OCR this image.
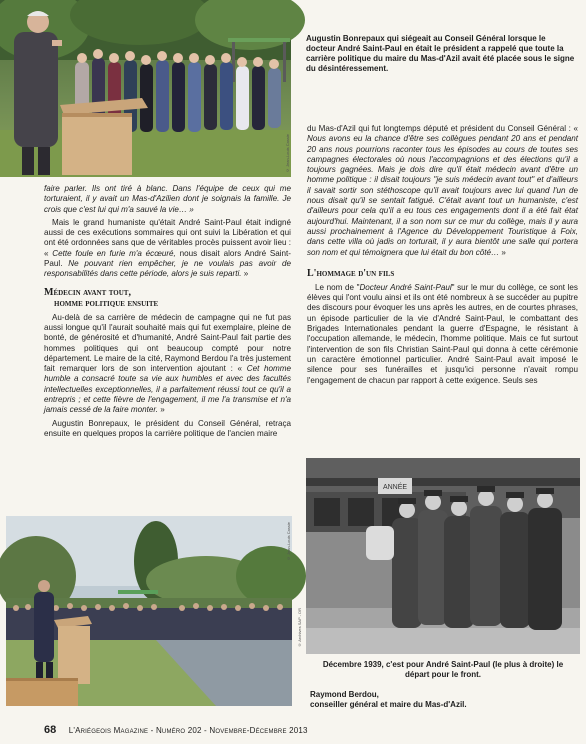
© Jean-Louis Cassie
Augustin Bonrepaux qui siégeait au Conseil Général lorsque le docteur André Saint-Paul en était le président a rappelé que toute la carrière politique du maire du Mas-d'Azil avait été placée sous le signe du désintéressement.

faire parler. Ils ont tiré à blanc. Dans l'équipe de ceux qui me torturaient, il y avait un Mas-d'Azilien dont je soignais la famille. Je crois que c'est lui qui m'a sauvé la vie… »

Mais le grand humaniste qu'était André Saint-Paul était indigné aussi de ces exécutions sommaires qui ont suivi la Libération et qui ont été ordonnées sans que de véritables procès puissent avoir lieu : « Cette foule en furie m'a écœuré, nous disait alors André Saint-Paul. Ne pouvant rien empêcher, je ne voulais pas avoir de responsabilités dans cette période, alors je suis reparti. »

Médecin avant tout,
homme politique ensuite

Au-delà de sa carrière de médecin de campagne qui ne fut pas aussi longue qu'il l'aurait souhaité mais qui fut exemplaire, pleine de bonté, de générosité et d'humanité, André Saint-Paul fait partie des hommes politiques qui ont beaucoup compté pour notre département. Le maire de la cité, Raymond Berdou l'a très justement fait remarquer lors de son intervention ajoutant : « Cet homme humble a consacré toute sa vie aux humbles et avec des facultés intellectuelles exceptionnelles, il a parfaitement réussi tout ce qu'il a entrepris ; et cette fièvre de l'engagement, il me l'a transmise et n'a jamais cessé de la faire monter. »

Augustin Bonrepaux, le président du Conseil Général, retraça ensuite en quelques propos la carrière politique de l'ancien maire

© Jean-Louis Cassie

du Mas-d'Azil qui fut longtemps député et président du Conseil Général : « Nous avons eu la chance d'être ses collègues pendant 20 ans et pendant 20 ans nous pourrions raconter tous les épisodes au cours de toutes ses campagnes électorales où nous l'accompagnions et des élections qu'il a toujours gagnées. Mais je dois dire qu'il était médecin avant d'être un homme politique : il disait toujours "je suis médecin avant tout" et d'ailleurs il savait sortir son stéthoscope qu'il avait toujours avec lui quand l'un de nous disait qu'il se sentait fatigué. C'était avant tout un humaniste, c'est d'ailleurs pour cela qu'il a eu tous ces engagements dont il a été fait état aujourd'hui. Maintenant, il a son nom sur ce mur du collège, mais il y aura aussi prochainement à l'Agence du Développement Touristique à Foix, dans cette villa où jadis on torturait, il y aura bientôt une salle qui portera son nom et qui témoignera que lui était du bon côté… »

L'hommage d'un fils

Le nom de "Docteur André Saint-Paul" sur le mur du collège, ce sont les élèves qui l'ont voulu ainsi et ils ont été nombreux à se succéder au pupitre des discours pour évoquer les uns après les autres, en de courtes phrases, un épisode particulier de la vie d'André Saint-Paul, le combattant des Brigades Internationales pendant la guerre d'Espagne, le résistant à l'occupation allemande, le médecin, l'homme politique. Mais ce fut surtout l'intervention de son fils Christian Saint-Paul qui donna à cette cérémonie un caractère émotionnel particulier. André Saint-Paul avait imposé le silence pour ses funérailles et jusqu'ici personne n'avait rompu l'engagement de chacun par rapport à cette exigence. Seuls ses

ANNÉE
© Archives SAP - DR
Décembre 1939, c'est pour André Saint-Paul (le plus à droite) le départ pour le front.
Raymond Berdou,
conseiller général et maire du Mas-d'Azil.
68 L'Ariégeois Magazine - Numéro 202 - Novembre-Décembre 2013
